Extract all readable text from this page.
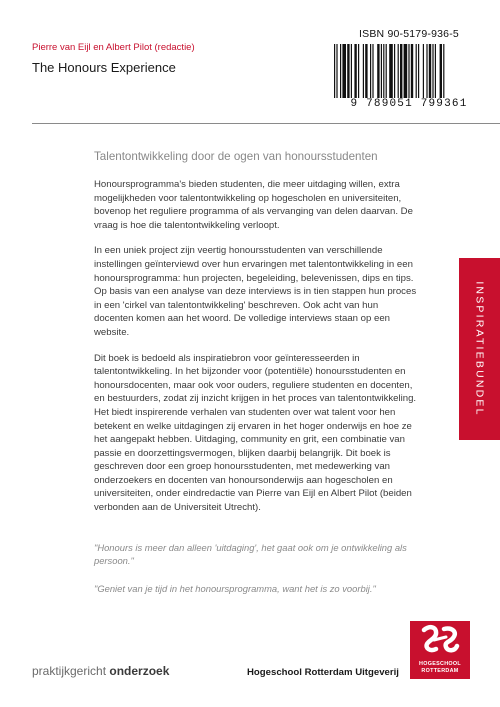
Pierre van Eijl en Albert Pilot (redactie)
The Honours Experience
ISBN 90-5179-936-5
9 789051 799361
Talentontwikkeling door de ogen van honoursstudenten

Honoursprogramma's bieden studenten, die meer uitdaging willen, extra mogelijkheden voor talentontwikkeling op hogescholen en universiteiten, bovenop het reguliere programma of als vervanging van delen daarvan. De vraag is hoe die talentontwikkeling verloopt.

In een uniek project zijn veertig honoursstudenten van verschillende instellingen geïnterviewd over hun ervaringen met talentontwikkeling in een honoursprogramma: hun projecten, begeleiding, belevenissen, dips en tips. Op basis van een analyse van deze interviews is in tien stappen hun proces in een 'cirkel van talentontwikkeling' beschreven. Ook acht van hun docenten komen aan het woord. De volledige interviews staan op een website.

Dit boek is bedoeld als inspiratiebron voor geïnteresseerden in talentontwikkeling. In het bijzonder voor (potentiële) honoursstudenten en honoursdocenten, maar ook voor ouders, reguliere studenten en docenten, en bestuurders, zodat zij inzicht krijgen in het proces van talentontwikkeling. Het biedt inspirerende verhalen van studenten over wat talent voor hen betekent en welke uitdagingen zij ervaren in het hoger onderwijs en hoe ze het aangepakt hebben. Uitdaging, community en grit, een combinatie van passie en doorzettingsvermogen, blijken daarbij belangrijk. Dit boek is geschreven door een groep honoursstudenten, met medewerking van onderzoekers en docenten van honoursonderwijs aan hogescholen en universiteiten, onder eindredactie van Pierre van Eijl en Albert Pilot (beiden verbonden aan de Universiteit Utrecht).

"Honours is meer dan alleen 'uitdaging', het gaat ook om je ontwikkeling als persoon."

"Geniet van je tijd in het honoursprogramma, want het is zo voorbij."

INSPIRATIEBUNDEL
praktijkgericht onderzoek	Hogeschool Rotterdam Uitgeverij
HOGESCHOOL
ROTTERDAM
